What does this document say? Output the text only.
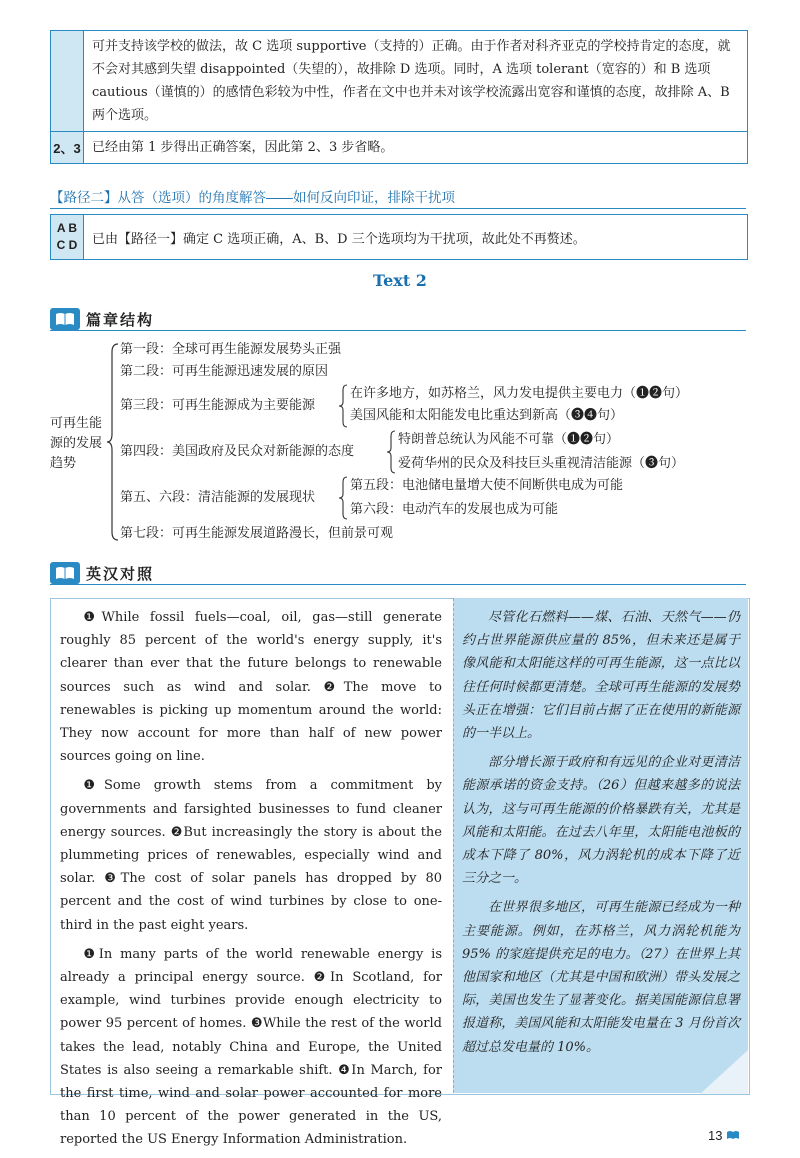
可并支持该学校的做法，故 C 选项 supportive（支持的）正确。由于作者对科齐亚克的学校持肯定的态度，就不会对其感到失望 disappointed（失望的），故排除 D 选项。同时，A 选项 tolerant（宽容的）和 B 选项 cautious（谨慎的）的感情色彩较为中性，作者在文中也并未对该学校流露出宽容和谨慎的态度，故排除 A、B 两个选项。
2、3 已经由第 1 步得出正确答案，因此第 2、3 步省略。
【路径二】从答（选项）的角度解答——如何反向印证，排除干扰项
A B
C D	已由【路径一】确定 C 选项正确，A、B、D 三个选项均为干扰项，故此处不再赘述。
Text 2
篇章结构
可再生能源的发展趋势
第一段：全球可再生能源发展势头正强
第二段：可再生能源迅速发展的原因
第三段：可再生能源成为主要能源
在许多地方，如苏格兰，风力发电提供主要电力（❶❷句）
美国风能和太阳能发电比重达到新高（❸❹句）
第四段：美国政府及民众对新能源的态度
特朗普总统认为风能不可靠（❶❷句）
爱荷华州的民众及科技巨头重视清洁能源（❸句）
第五、六段：清洁能源的发展现状
第五段：电池储电量增大使不间断供电成为可能
第六段：电动汽车的发展也成为可能
第七段：可再生能源发展道路漫长，但前景可观
英汉对照

❶While fossil fuels—coal, oil, gas—still generate roughly 85 percent of the world's energy supply, it's clearer than ever that the future belongs to renewable sources such as wind and solar. ❷The move to renewables is picking up momentum around the world: They now account for more than half of new power sources going on line.

❶Some growth stems from a commitment by governments and farsighted businesses to fund cleaner energy sources. ❷But increasingly the story is about the plummeting prices of renewables, especially wind and solar. ❸The cost of solar panels has dropped by 80 percent and the cost of wind turbines by close to one-third in the past eight years.

❶In many parts of the world renewable energy is already a principal energy source. ❷In Scotland, for example, wind turbines provide enough electricity to power 95 percent of homes. ❸While the rest of the world takes the lead, notably China and Europe, the United States is also seeing a remarkable shift. ❹In March, for the first time, wind and solar power accounted for more than 10 percent of the power generated in the US, reported the US Energy Information Administration.

尽管化石燃料——煤、石油、天然气——仍约占世界能源供应量的 85%，但未来还是属于像风能和太阳能这样的可再生能源，这一点比以往任何时候都更清楚。全球可再生能源的发展势头正在增强：它们目前占据了正在使用的新能源的一半以上。

部分增长源于政府和有远见的企业对更清洁能源承诺的资金支持。（26）但越来越多的说法认为，这与可再生能源的价格暴跌有关，尤其是风能和太阳能。在过去八年里，太阳能电池板的成本下降了 80%，风力涡轮机的成本下降了近三分之一。

在世界很多地区，可再生能源已经成为一种主要能源。例如，在苏格兰，风力涡轮机能为 95% 的家庭提供充足的电力。（27）在世界上其他国家和地区（尤其是中国和欧洲）带头发展之际，美国也发生了显著变化。据美国能源信息署报道称，美国风能和太阳能发电量在 3 月份首次超过总发电量的 10%。

13
